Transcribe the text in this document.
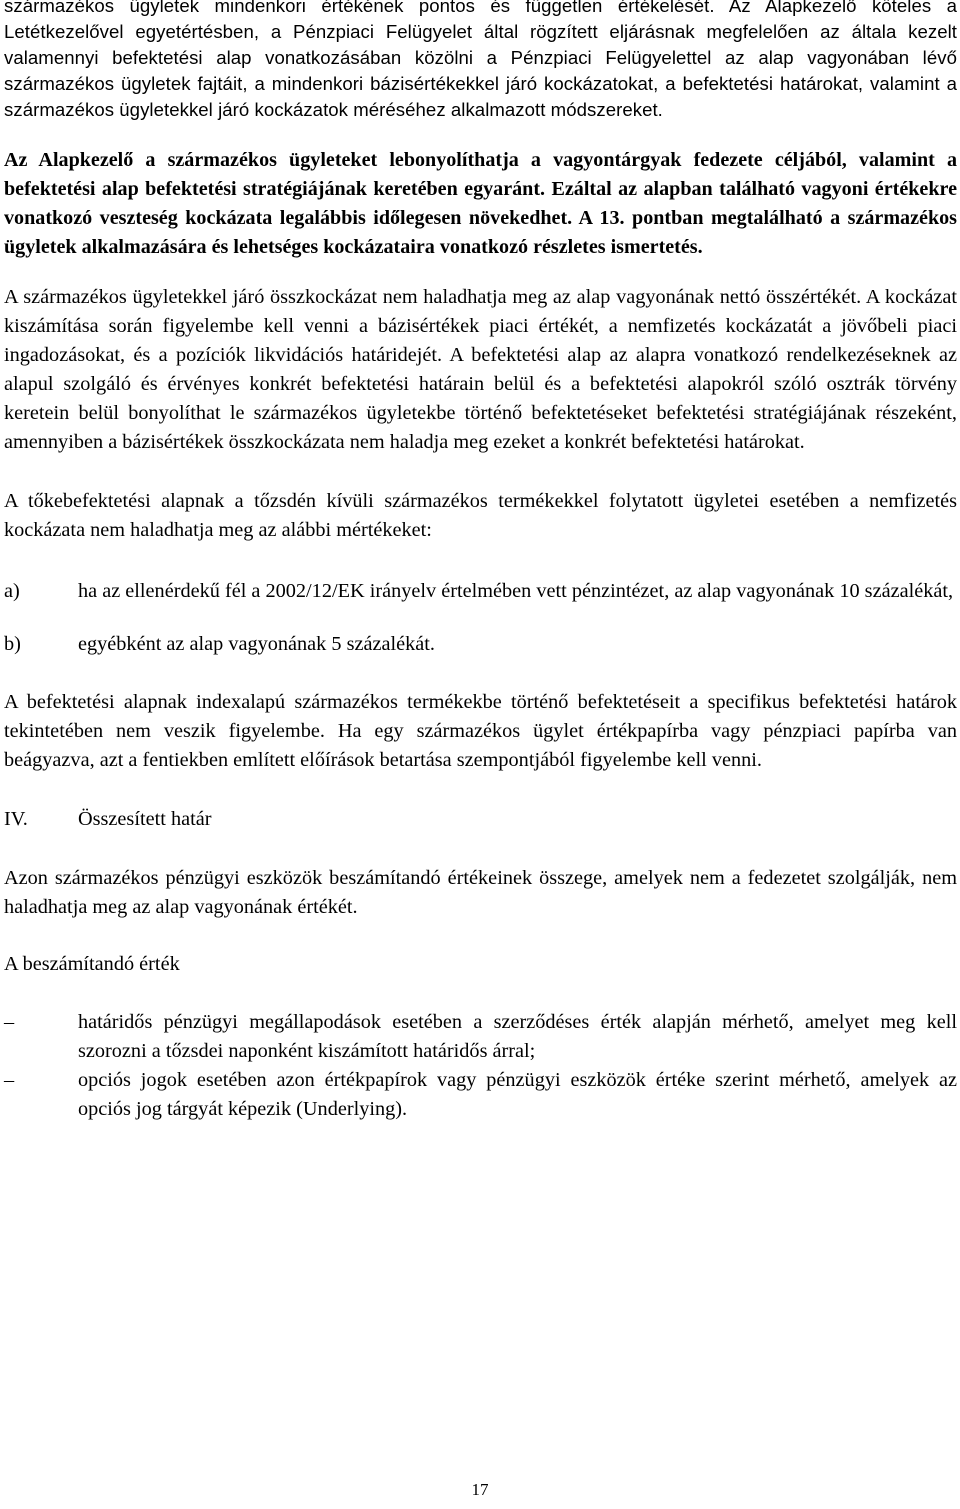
származékos ügyletek mindenkori értékének pontos és független értékelését. Az Alapkezelő köteles a Letétkezelővel egyetértésben, a Pénzpiaci Felügyelet által rögzített eljárásnak megfelelően az általa kezelt valamennyi befektetési alap vonatkozásában közölni a Pénzpiaci Felügyelettel az alap vagyonában lévő származékos ügyletek fajtáit, a mindenkori bázisértékekkel járó kockázatokat, a befektetési határokat, valamint a származékos ügyletekkel járó kockázatok méréséhez alkalmazott módszereket.

Az Alapkezelő a származékos ügyleteket lebonyolíthatja a vagyontárgyak fedezete céljából, valamint a befektetési alap befektetési stratégiájának keretében egyaránt. Ezáltal az alapban található vagyoni értékekre vonatkozó veszteség kockázata legalábbis időlegesen növekedhet. A 13. pontban megtalálható a származékos ügyletek alkalmazására és lehetséges kockázataira vonatkozó részletes ismertetés.

A származékos ügyletekkel járó összkockázat nem haladhatja meg az alap vagyonának nettó összértékét. A kockázat kiszámítása során figyelembe kell venni a bázisértékek piaci értékét, a nemfizetés kockázatát a jövőbeli piaci ingadozásokat, és a pozíciók likvidációs határidejét. A befektetési alap az alapra vonatkozó rendelkezéseknek az alapul szolgáló és érvényes konkrét befektetési határain belül és a befektetési alapokról szóló osztrák törvény keretein belül bonyolíthat le származékos ügyletekbe történő befektetéseket befektetési stratégiájának részeként, amennyiben a bázisértékek összkockázata nem haladja meg ezeket a konkrét befektetési határokat.

A tőkebefektetési alapnak a tőzsdén kívüli származékos termékekkel folytatott ügyletei esetében a nemfizetés kockázata nem haladhatja meg az alábbi mértékeket:

a)	ha az ellenérdekű fél a 2002/12/EK irányelv értelmében vett pénzintézet, az alap vagyonának 10 százalékát,
b)	egyébként az alap vagyonának 5 százalékát.

A befektetési alapnak indexalapú származékos termékekbe történő befektetéseit a specifikus befektetési határok tekintetében nem veszik figyelembe. Ha egy származékos ügylet értékpapírba vagy pénzpiaci papírba van beágyazva, azt a fentiekben említett előírások betartása szempontjából figyelembe kell venni.

IV.	Összesített határ

Azon származékos pénzügyi eszközök beszámítandó értékeinek összege, amelyek nem a fedezetet szolgálják, nem haladhatja meg az alap vagyonának értékét.

A beszámítandó érték

–	határidős pénzügyi megállapodások esetében a szerződéses érték alapján mérhető, amelyet meg kell szorozni a tőzsdei naponként kiszámított határidős árral;
–	opciós jogok esetében azon értékpapírok vagy pénzügyi eszközök értéke szerint mérhető, amelyek az opciós jog tárgyát képezik (Underlying).
17
